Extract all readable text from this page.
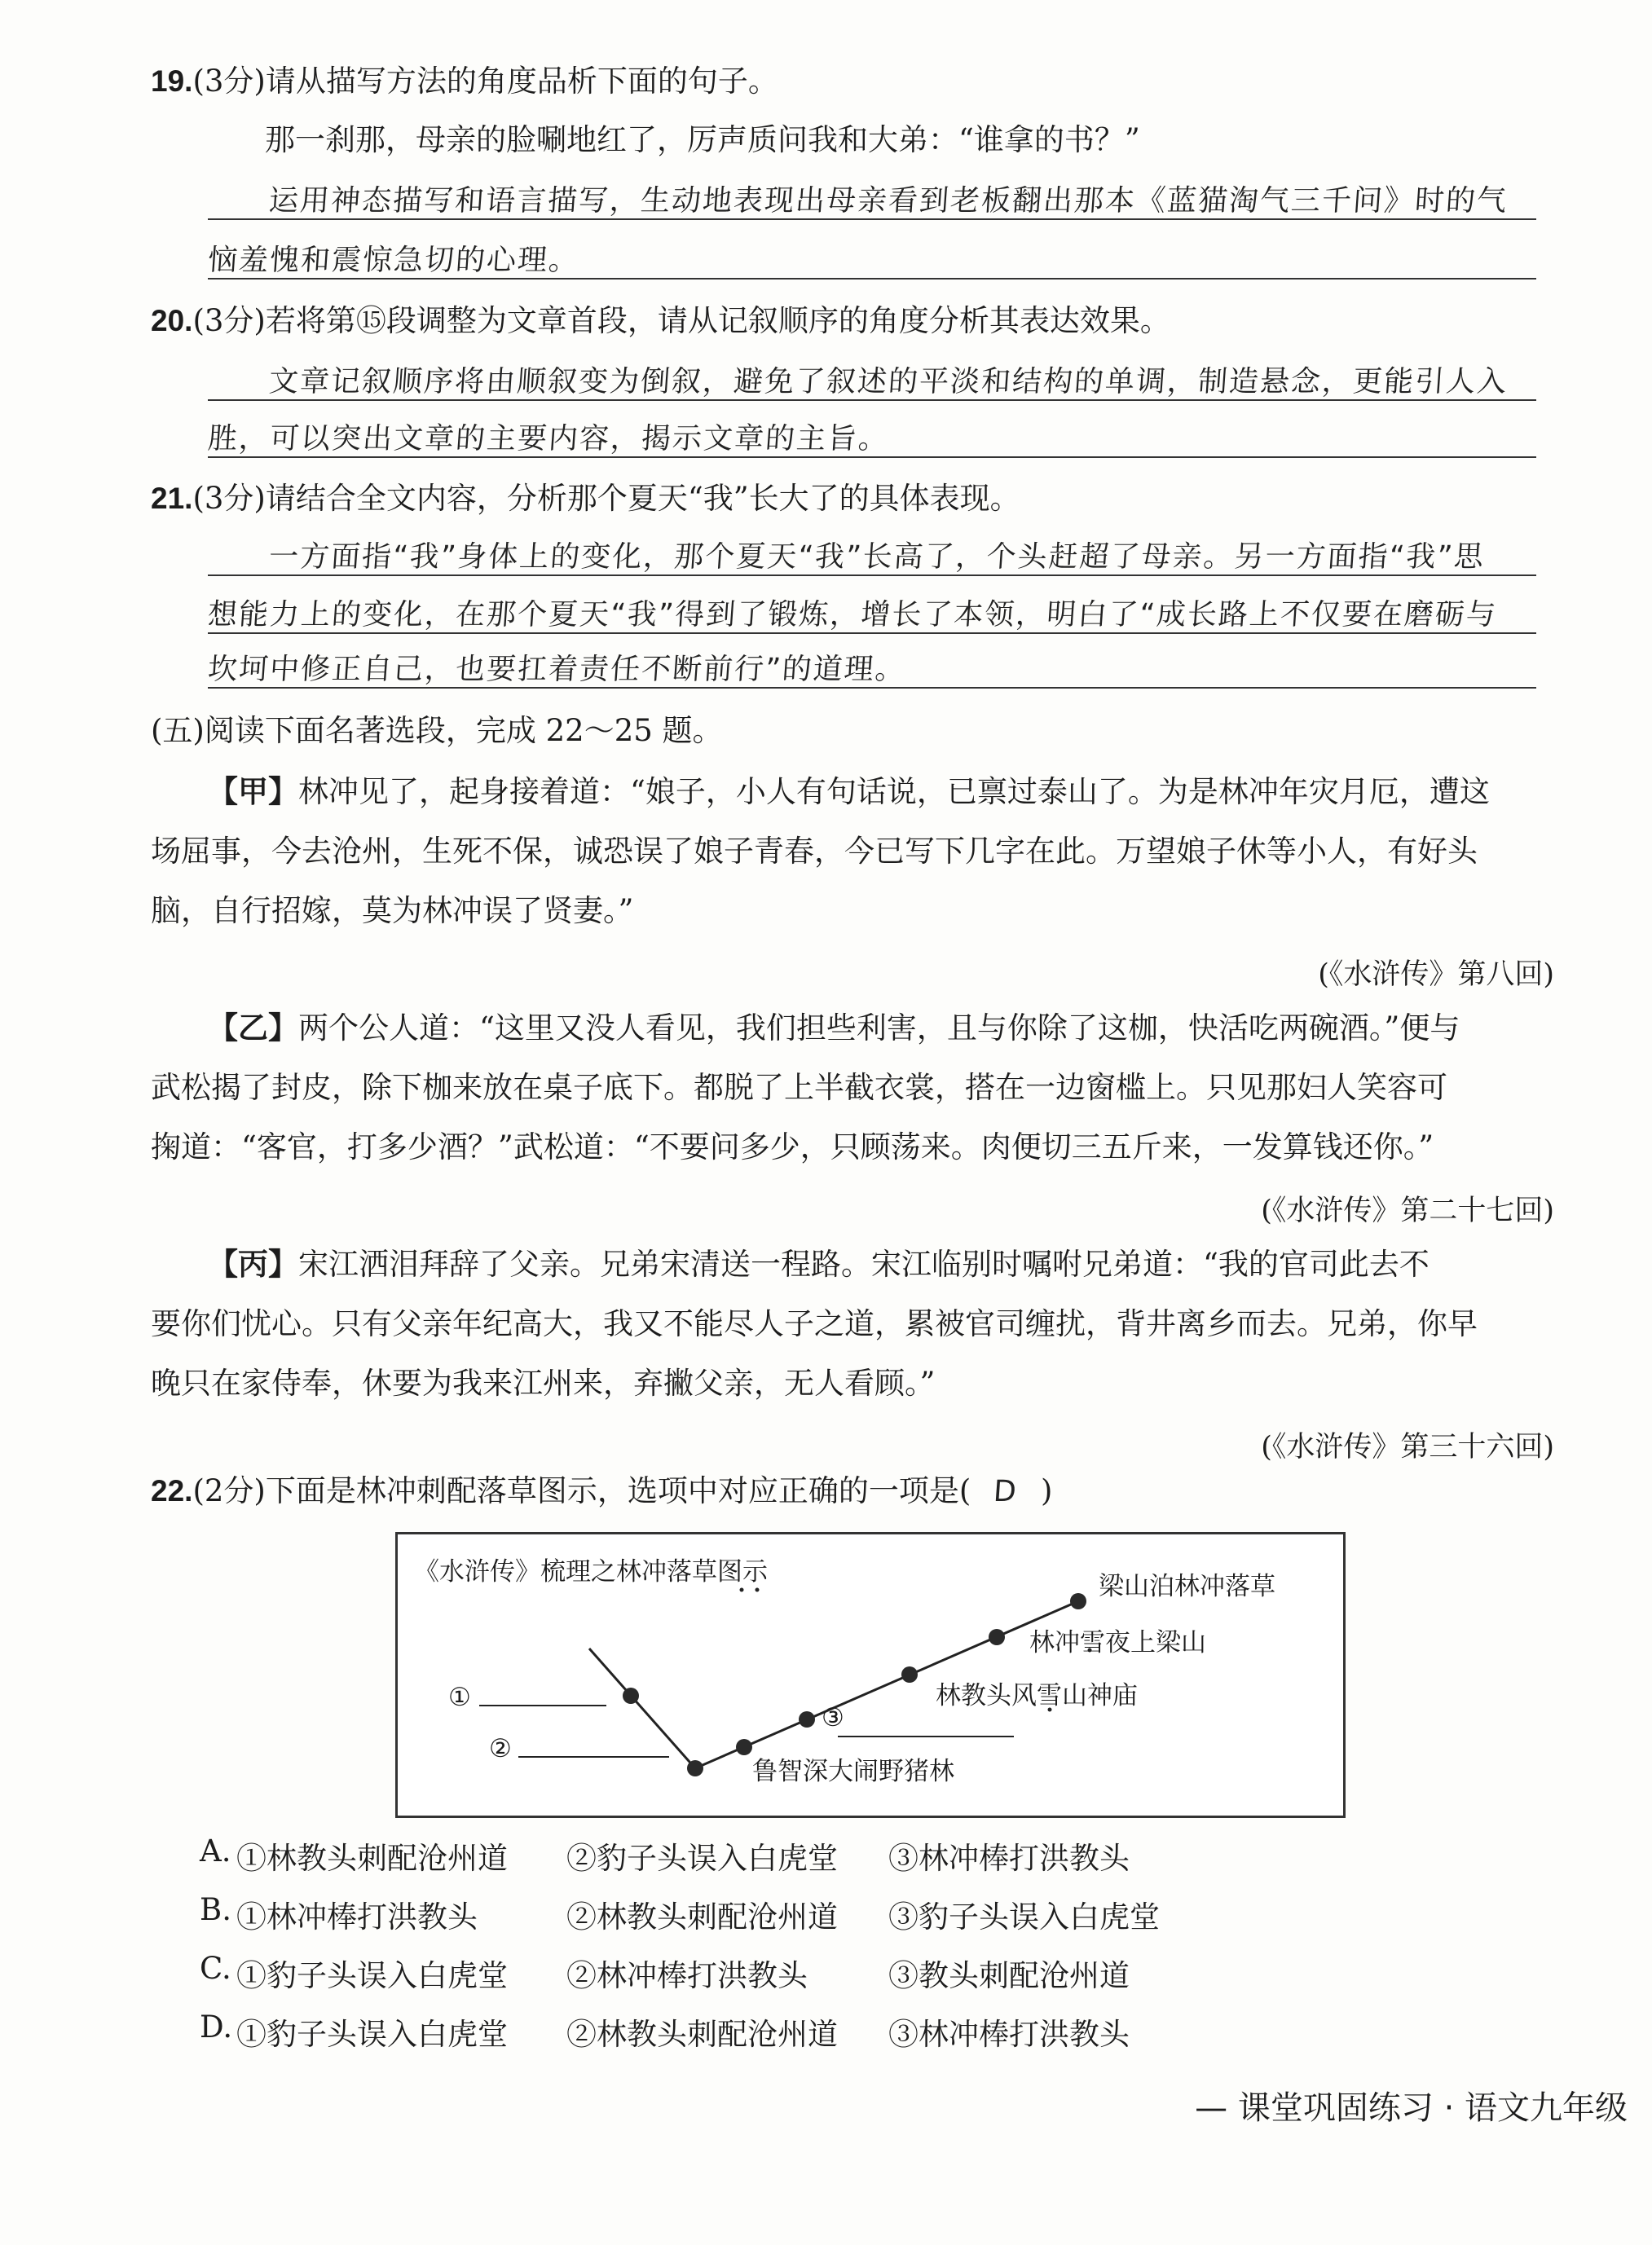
19.(3分)请从描写方法的角度品析下面的句子。
那一刹那，母亲的脸唰地红了，厉声质问我和大弟：“谁拿的书？”
运用神态描写和语言描写，生动地表现出母亲看到老板翻出那本《蓝猫淘气三千问》时的气
恼羞愧和震惊急切的心理。
20.(3分)若将第⑮段调整为文章首段，请从记叙顺序的角度分析其表达效果。
文章记叙顺序将由顺叙变为倒叙，避免了叙述的平淡和结构的单调，制造悬念，更能引人入
胜，可以突出文章的主要内容，揭示文章的主旨。
21.(3分)请结合全文内容，分析那个夏天“我”长大了的具体表现。
一方面指“我”身体上的变化，那个夏天“我”长高了，个头赶超了母亲。另一方面指“我”思
想能力上的变化，在那个夏天“我”得到了锻炼，增长了本领，明白了“成长路上不仅要在磨砺与
坎坷中修正自己，也要扛着责任不断前行”的道理。
(五)阅读下面名著选段，完成 22～25 题。
【甲】林冲见了，起身接着道：“娘子，小人有句话说，已禀过泰山了。为是林冲年灾月厄，遭这
场屈事，今去沧州，生死不保，诚恐误了娘子青春，今已写下几字在此。万望娘子休等小人，有好头
脑，自行招嫁，莫为林冲误了贤妻。”
(《水浒传》第八回)
【乙】两个公人道：“这里又没人看见，我们担些利害，且与你除了这枷，快活吃两碗酒。”便与
武松揭了封皮，除下枷来放在桌子底下。都脱了上半截衣裳，搭在一边窗槛上。只见那妇人笑容可
掬道：“客官，打多少酒？”武松道：“不要问多少，只顾荡来。肉便切三五斤来，一发算钱还你。”
(《水浒传》第二十七回)
【丙】宋江洒泪拜辞了父亲。兄弟宋清送一程路。宋江临别时嘱咐兄弟道：“我的官司此去不
要你们忧心。只有父亲年纪高大，我又不能尽人子之道，累被官司缠扰，背井离乡而去。兄弟，你早
晚只在家侍奉，休要为我来江州来，弃撇父亲，无人看顾。”
(《水浒传》第三十六回)
22.(2分)下面是林冲刺配落草图示，选项中对应正确的一项是( D )
《水浒传》梳理之林冲落草图示
①
②
③
鲁智深大闹野猪林
林教头风雪山神庙
林冲雪夜上梁山
梁山泊林冲落草
A. ①林教头刺配沧州道 ②豹子头误入白虎堂 ③林冲棒打洪教头
B. ①林冲棒打洪教头	②林教头刺配沧州道 ③豹子头误入白虎堂
C. ①豹子头误入白虎堂 ②林冲棒打洪教头	③教头刺配沧州道
D. ①豹子头误入白虎堂 ②林教头刺配沧州道 ③林冲棒打洪教头
— 课堂巩固练习 · 语文九年级
